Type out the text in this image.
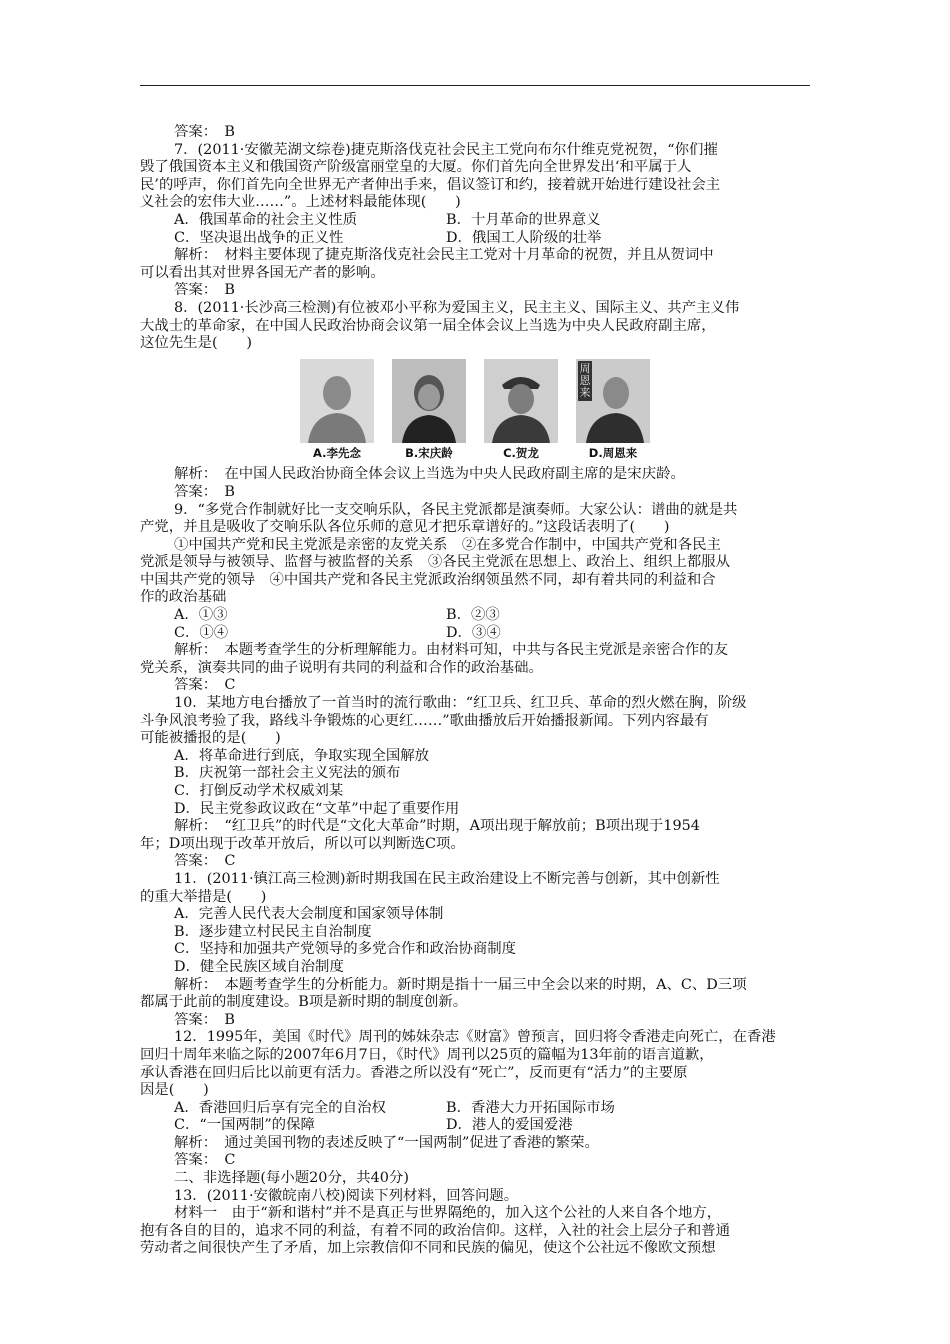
答案：　B
7．(2011·安徽芜湖文综卷)捷克斯洛伐克社会民主工党向布尔什维克党祝贺，“你们摧
毁了俄国资本主义和俄国资产阶级富丽堂皇的大厦。你们首先向全世界发出‘和平属于人
民’的呼声，你们首先向全世界无产者伸出手来，倡议签订和约，接着就开始进行建设社会主
义社会的宏伟大业……”。上述材料最能体现(　　)
A．俄国革命的社会主义性质	B．十月革命的世界意义
C．坚决退出战争的正义性	D．俄国工人阶级的壮举
解析：　材料主要体现了捷克斯洛伐克社会民主工党对十月革命的祝贺，并且从贺词中
可以看出其对世界各国无产者的影响。
答案：　B
8．(2011·长沙高三检测)有位被邓小平称为爱国主义，民主主义、国际主义、共产主义伟
大战士的革命家，在中国人民政治协商会议第一届全体会议上当选为中央人民政府副主席，
这位先生是(　　)
A.李先念	B.宋庆龄	C.贺龙
周恩来
D.周恩来
解析：　在中国人民政治协商全体会议上当选为中央人民政府副主席的是宋庆龄。
答案：　B
9．“多党合作制就好比一支交响乐队，各民主党派都是演奏师。大家公认：谱曲的就是共
产党，并且是吸收了交响乐队各位乐师的意见才把乐章谱好的。”这段话表明了(　　)
①中国共产党和民主党派是亲密的友党关系　②在多党合作制中，中国共产党和各民主
党派是领导与被领导、监督与被监督的关系　③各民主党派在思想上、政治上、组织上都服从
中国共产党的领导　④中国共产党和各民主党派政治纲领虽然不同，却有着共同的利益和合
作的政治基础
A．①③	B．②③
C．①④	D．③④
解析：　本题考查学生的分析理解能力。由材料可知，中共与各民主党派是亲密合作的友
党关系，演奏共同的曲子说明有共同的利益和合作的政治基础。
答案：　C
10．某地方电台播放了一首当时的流行歌曲：“红卫兵、红卫兵、革命的烈火燃在胸，阶级
斗争风浪考验了我，路线斗争锻炼的心更红……”歌曲播放后开始播报新闻。下列内容最有
可能被播报的是(　　)
A．将革命进行到底，争取实现全国解放
B．庆祝第一部社会主义宪法的颁布
C．打倒反动学术权威刘某
D．民主党参政议政在“文革”中起了重要作用
解析：　“红卫兵”的时代是“文化大革命”时期，A项出现于解放前；B项出现于1954
年；D项出现于改革开放后，所以可以判断选C项。
答案：　C
11．(2011·镇江高三检测)新时期我国在民主政治建设上不断完善与创新，其中创新性
的重大举措是(　　)
A．完善人民代表大会制度和国家领导体制
B．逐步建立村民民主自治制度
C．坚持和加强共产党领导的多党合作和政治协商制度
D．健全民族区域自治制度
解析：　本题考查学生的分析能力。新时期是指十一届三中全会以来的时期，A、C、D三项
都属于此前的制度建设。B项是新时期的制度创新。
答案：　B
12．1995年，美国《时代》周刊的姊妹杂志《财富》曾预言，回归将令香港走向死亡，在香港
回归十周年来临之际的2007年6月7日，《时代》周刊以25页的篇幅为13年前的语言道歉，
承认香港在回归后比以前更有活力。香港之所以没有“死亡”，反而更有“活力”的主要原
因是(　　)
A．香港回归后享有完全的自治权	B．香港大力开拓国际市场
C．“一国两制”的保障	D．港人的爱国爱港
解析：　通过美国刊物的表述反映了“一国两制”促进了香港的繁荣。
答案：　C
二、非选择题(每小题20分，共40分)
13．(2011·安徽皖南八校)阅读下列材料，回答问题。
材料一　由于“新和谐村”并不是真正与世界隔绝的，加入这个公社的人来自各个地方，
抱有各自的目的，追求不同的利益，有着不同的政治信仰。这样，入社的社会上层分子和普通
劳动者之间很快产生了矛盾，加上宗教信仰不同和民族的偏见，使这个公社远不像欧文预想
